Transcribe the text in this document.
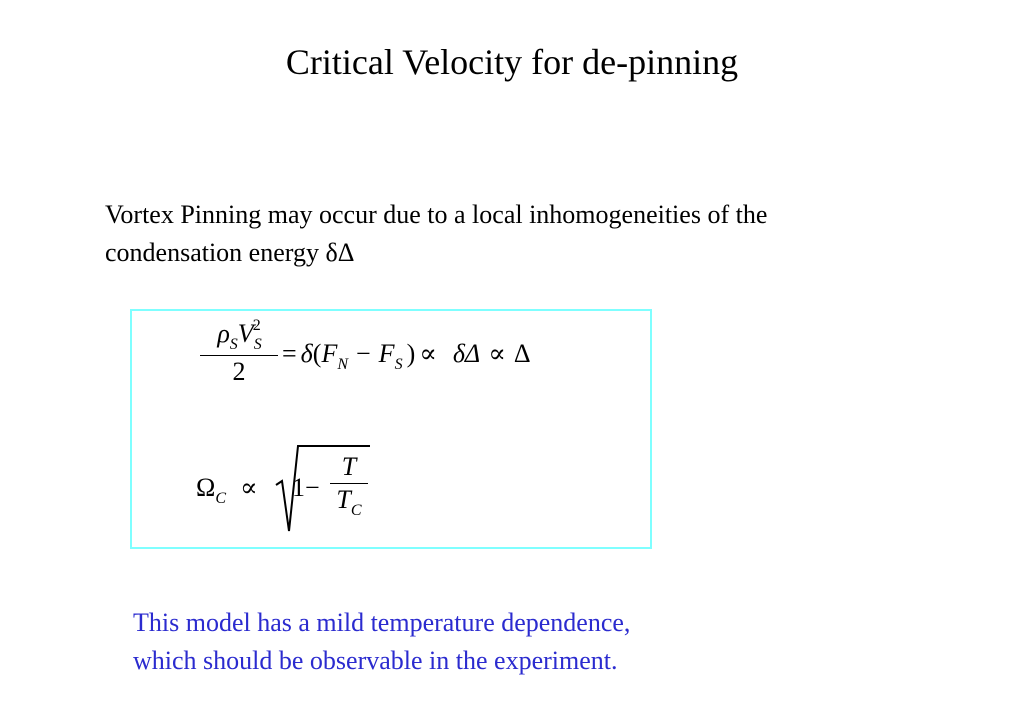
Critical Velocity for de-pinning
Vortex Pinning may occur due to a local inhomogeneities of the
condensation energy δΔ
$\rho_SV_S^2$
2
= $\delta(F_N - F_S$ ) ∝ δΔ ∝ Δ
$\Omega_C \propto 1-$
T
$T_C$
This model has a mild temperature dependence,
which should be observable in the experiment.
